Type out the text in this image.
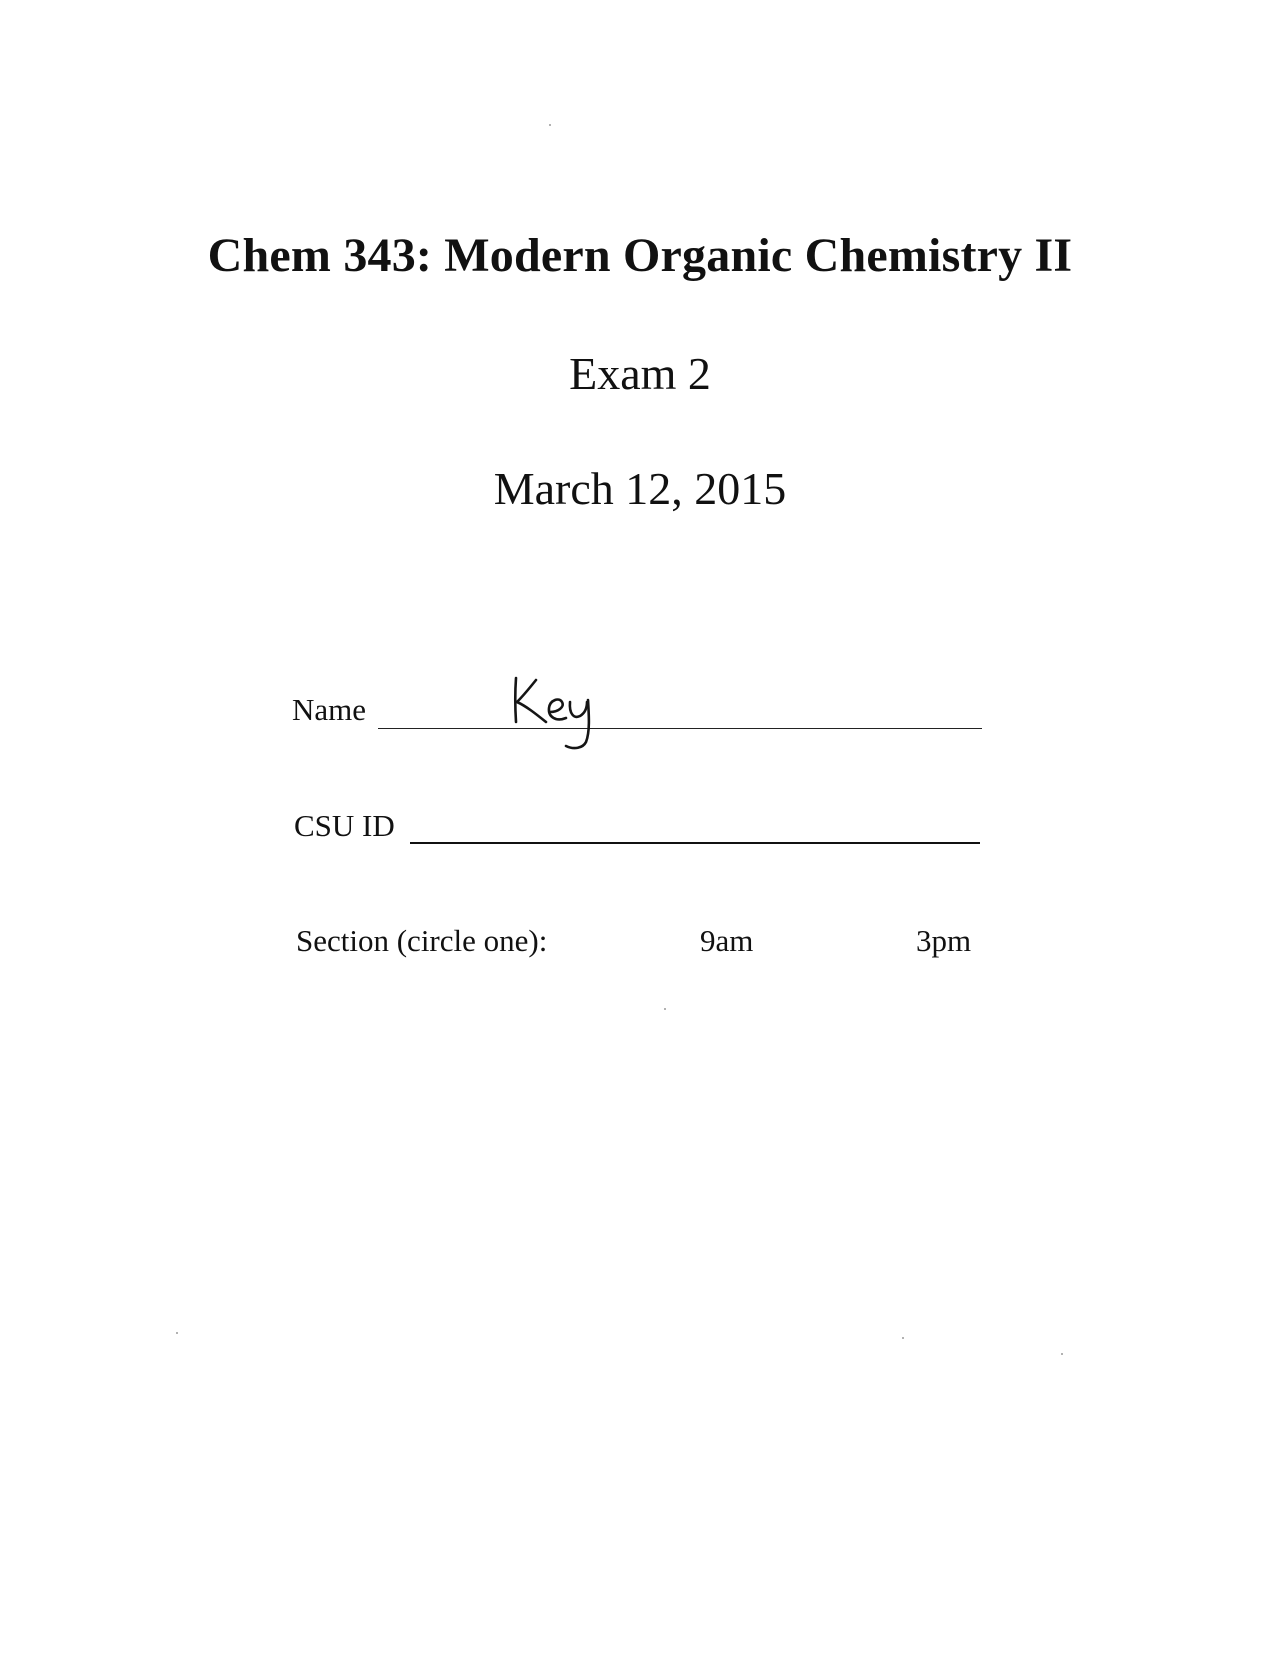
Chem 343: Modern Organic Chemistry II
Exam 2
March 12, 2015
Name
CSU ID
Section (circle one):	9am	3pm
